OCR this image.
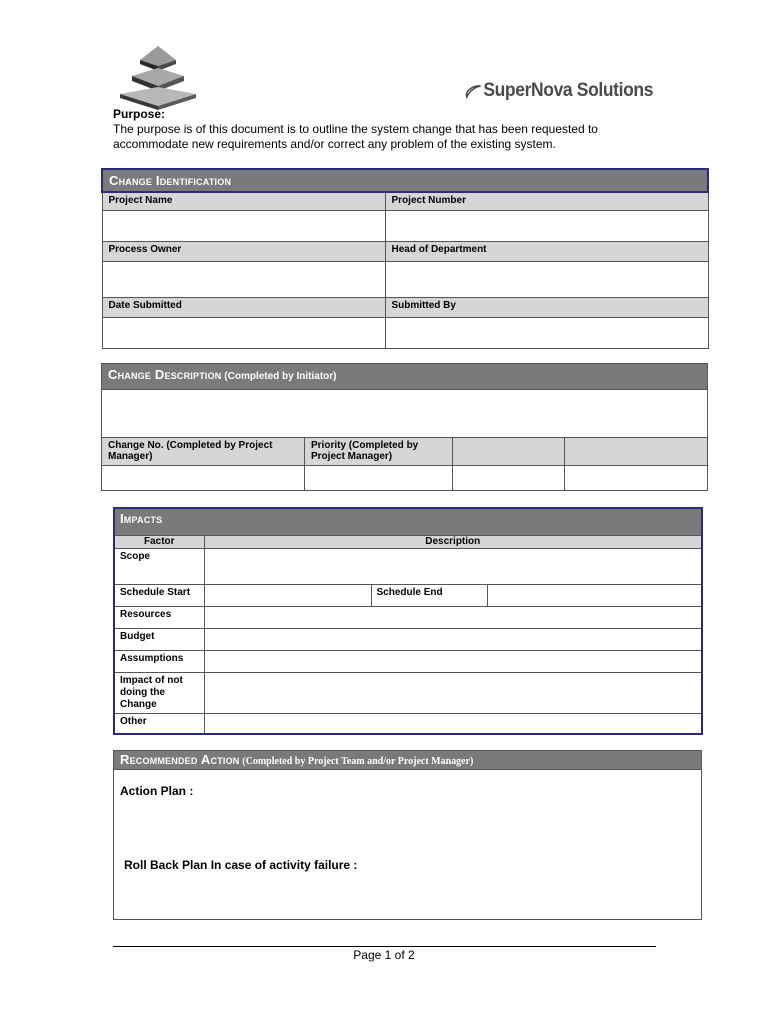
SuperNova Solutions
Purpose:
The purpose is of this document is to outline the system change that has been requested to accommodate new requirements and/or correct any problem of the existing system.
Change Identification	
Project Name	Project Number

Process Owner	Head of Department

Date Submitted	Submitted By

Change Description (Completed by Initiator)			

Change No. (Completed by Project Manager)	Priority (Completed by Project Manager)		

Impacts			
Factor	Description		
Scope			
Schedule Start		Schedule End	
Resources			
Budget			
Assumptions			
Impact of not doing the Change			
Other			
Recommended Action (Completed by Project Team and/or Project Manager)

Action Plan :
Roll Back Plan In case of activity failure :
Page 1 of 2
